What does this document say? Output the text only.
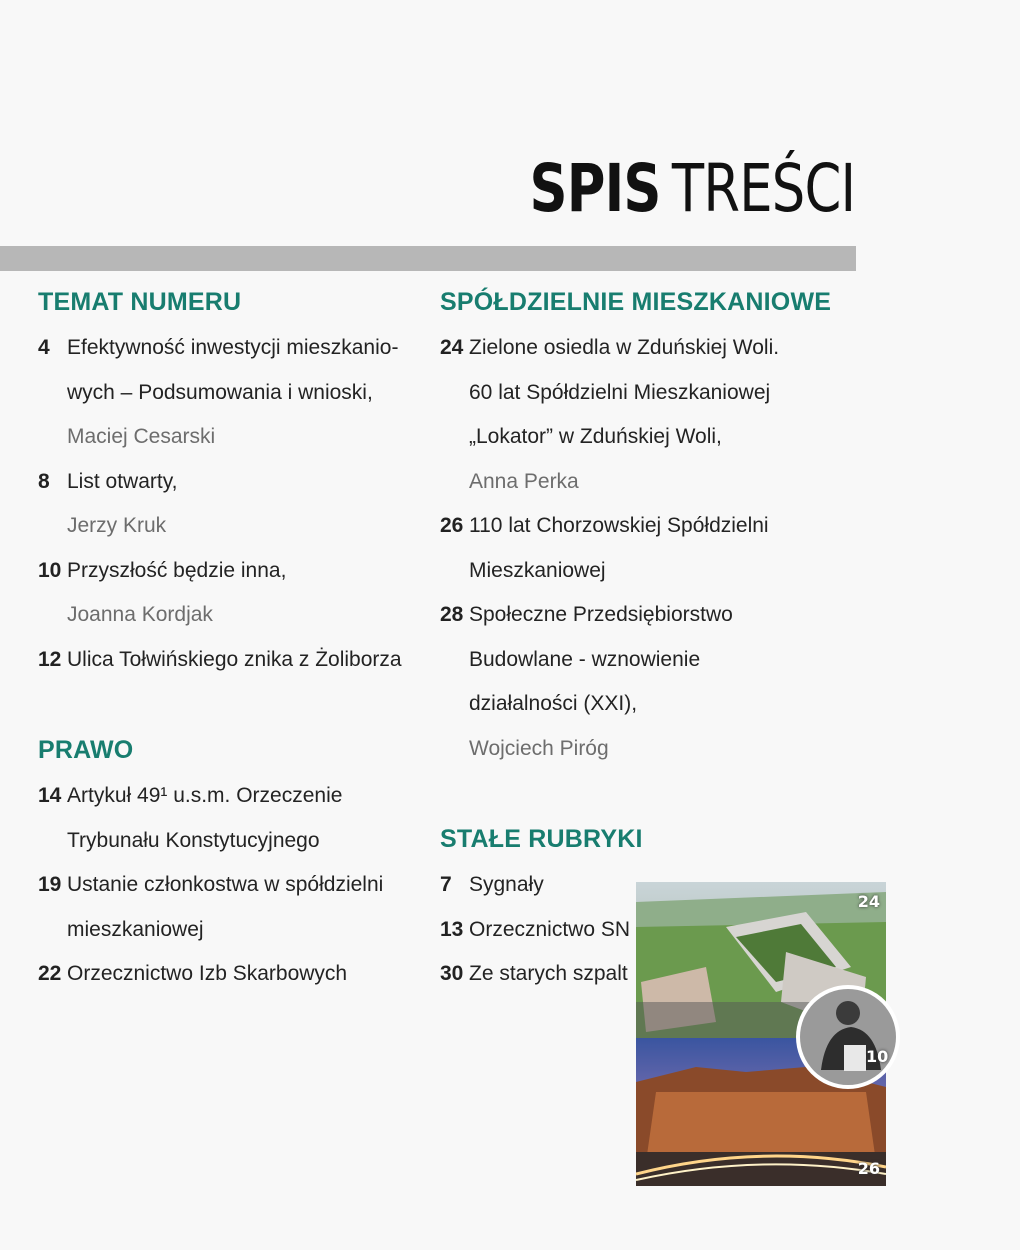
SPIS TREŚCI
TEMAT NUMERU
4 Efektywność inwestycji mieszkanio-
wych – Podsumowania i wnioski,
Maciej Cesarski
8 List otwarty,
Jerzy Kruk
10 Przyszłość będzie inna,
Joanna Kordjak
12 Ulica Tołwińskiego znika z Żoliborza
PRAWO
14 Artykuł 49¹ u.s.m. Orzeczenie
Trybunału Konstytucyjnego
19 Ustanie członkostwa w spółdzielni
mieszkaniowej
22 Orzecznictwo Izb Skarbowych
SPÓŁDZIELNIE MIESZKANIOWE
24 Zielone osiedla w Zduńskiej Woli.
60 lat Spółdzielni Mieszkaniowej
„Lokator” w Zduńskiej Woli,
Anna Perka
26 110 lat Chorzowskiej Spółdzielni
Mieszkaniowej
28 Społeczne Przedsiębiorstwo
Budowlane - wznowienie
działalności (XXI),
Wojciech Piróg
STAŁE RUBRYKI
7 Sygnały
13 Orzecznictwo SN
30 Ze starych szpalt
24
26
10
